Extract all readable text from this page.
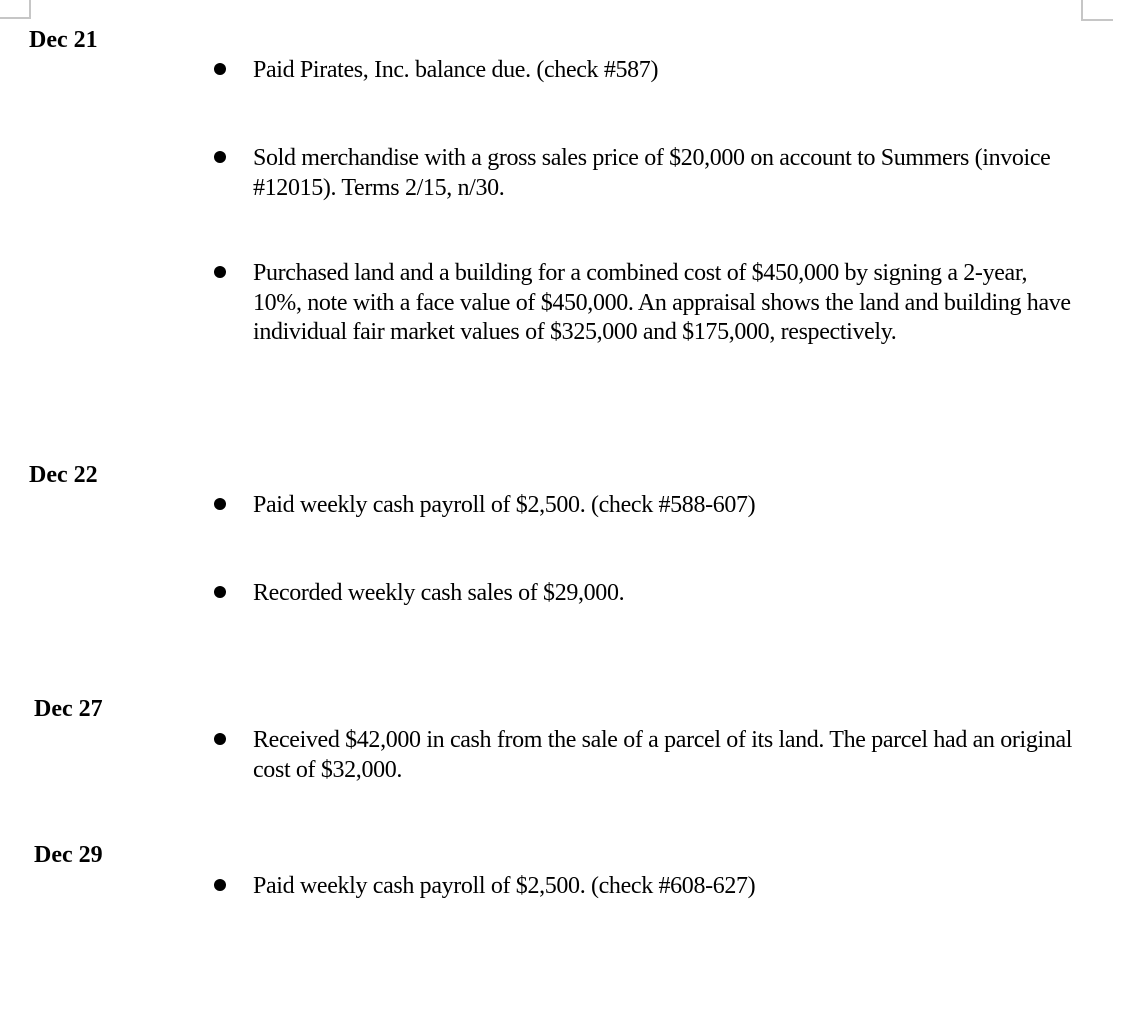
Dec 21
Paid Pirates, Inc. balance due. (check #587)
Sold merchandise with a gross sales price of $20,000 on account to Summers (invoice #12015). Terms 2/15, n/30.
Purchased land and a building for a combined cost of $450,000 by signing a 2-year, 10%, note with a face value of $450,000. An appraisal shows the land and building have individual fair market values of $325,000 and $175,000, respectively.
Dec 22
Paid weekly cash payroll of $2,500. (check #588-607)
Recorded weekly cash sales of $29,000.
Dec 27
Received $42,000 in cash from the sale of a parcel of its land. The parcel had an original cost of $32,000.
Dec 29
Paid weekly cash payroll of $2,500. (check #608-627)
